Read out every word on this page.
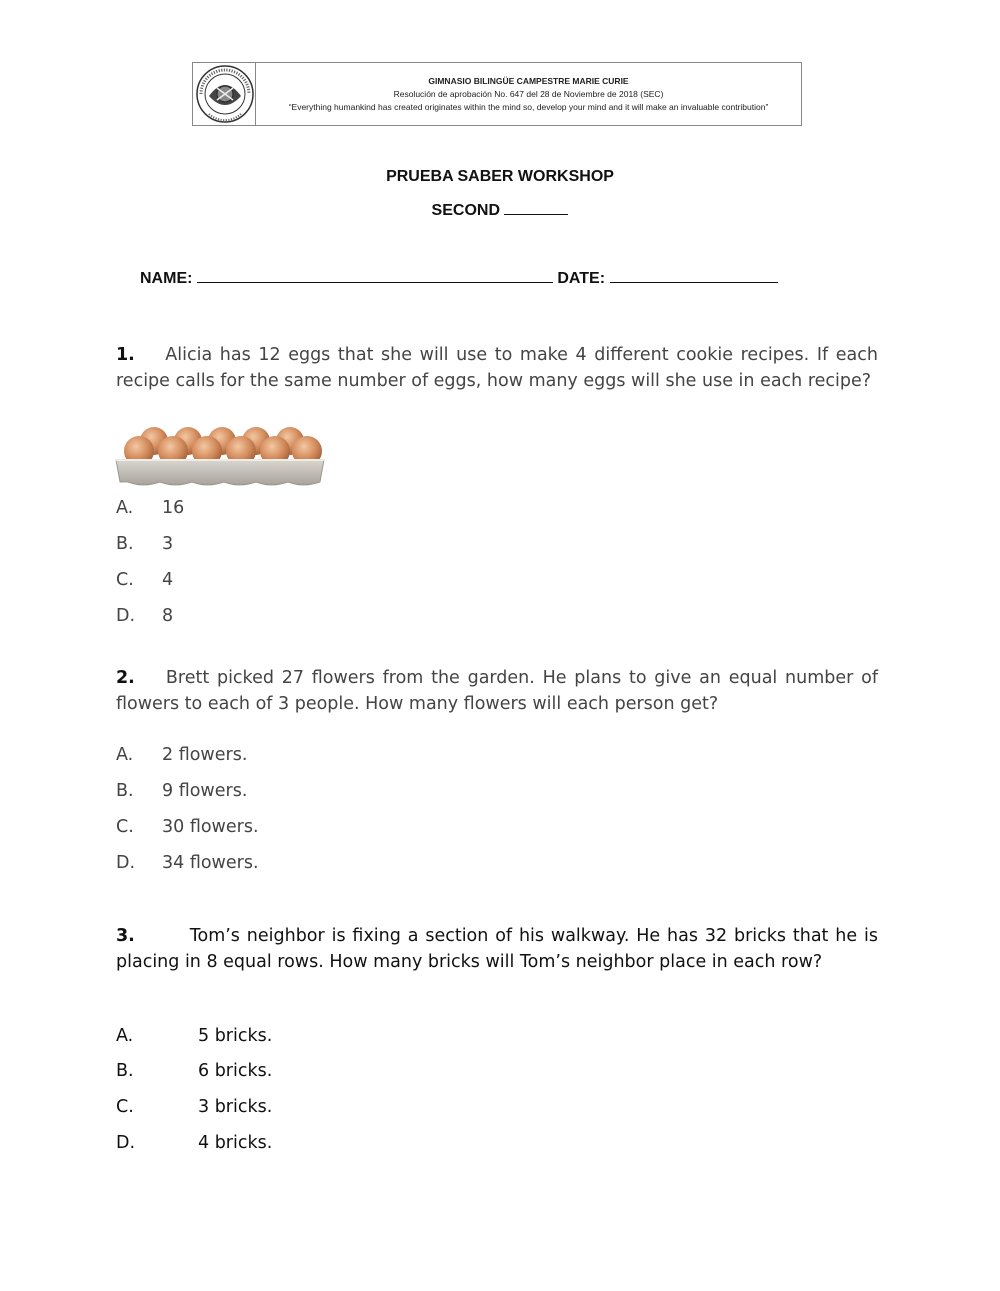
GIMNASIO BILINGÜE CAMPESTRE MARIE CURIE
Resolución de aprobación No. 647 del 28 de Noviembre de 2018 (SEC)
“Everything humankind has created originates within the mind so, develop your mind and it will make an invaluable contribution”
PRUEBA SABER WORKSHOP
SECOND
NAME:	DATE:
1. Alicia has 12 eggs that she will use to make 4 different cookie recipes. If each recipe calls for the same number of eggs, how many eggs will she use in each recipe?
A. 16
B. 3
C. 4
D. 8
2. Brett picked 27 flowers from the garden. He plans to give an equal number of flowers to each of 3 people. How many flowers will each person get?
A. 2 flowers.
B. 9 flowers.
C. 30 flowers.
D. 34 flowers.
3.	Tom’s neighbor is fixing a section of his walkway. He has 32 bricks that he is placing in 8 equal rows. How many bricks will Tom’s neighbor place in each row?
A.	5 bricks.
B.	6 bricks.
C.	3 bricks.
D.	4 bricks.
